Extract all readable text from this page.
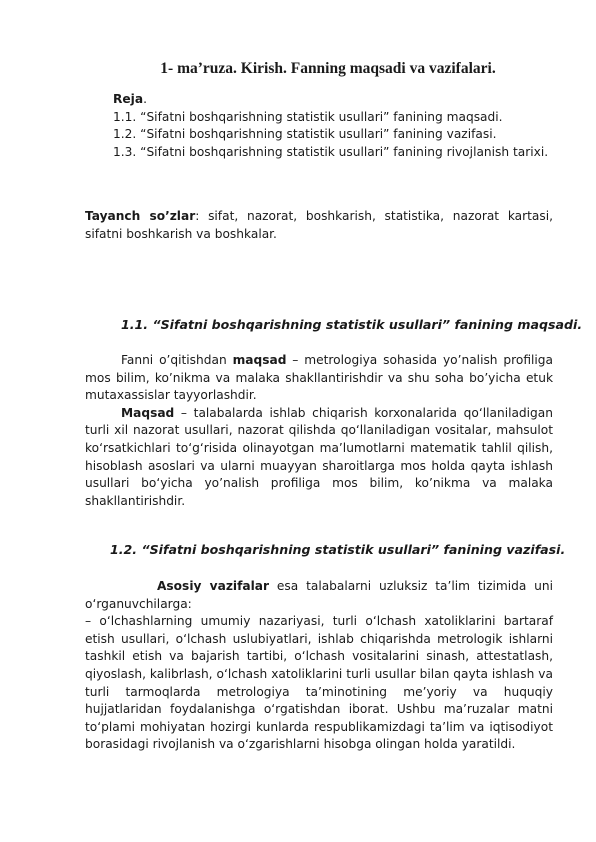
1- ma’ruza. Kirish. Fanning maqsadi va vazifalari.

Reja.

1.1. “Sifatni boshqarishning statistik usullari” fanining maqsadi.

1.2. “Sifatni boshqarishning statistik usullari” fanining vazifasi.

1.3. “Sifatni boshqarishning statistik usullari” fanining rivojlanish tarixi.

Tayanch so’zlar: sifat, nazorat, boshkarish, statistika, nazorat kartasi, sifatni boshkarish va boshkalar.

1.1. “Sifatni boshqarishning statistik usullari” fanining maqsadi.

Fanni o’qitishdan maqsad – metrologiya sohasida yo’nalish profiliga mos bilim, ko’nikma va malaka shakllantirishdir va shu soha bo’yicha etuk mutaxassislar tayyorlashdir.

Maqsad – talabalarda ishlab chiqarish korxonalarida qo‘llaniladigan turli xil nazorat usullari, nazorat qilishda qo‘llaniladigan vositalar, mahsulot ko‘rsatkichlari to‘g‘risida olinayotgan ma’lumotlarni matematik tahlil qilish, hisoblash asoslari va ularni muayyan sharoitlarga mos holda qayta ishlash usullari bo‘yicha yo’nalish profiliga mos bilim, ko’nikma va malaka shakllantirishdir.

1.2. “Sifatni boshqarishning statistik usullari” fanining vazifasi.

Asosiy vazifalar esa talabalarni uzluksiz ta’lim tizimida uni o‘rganuvchilarga:

– o‘lchashlarning umumiy nazariyasi, turli o‘lchash xatoliklarini bartaraf etish usullari, o‘lchash uslubiyatlari, ishlab chiqarishda metrologik ishlarni tashkil etish va bajarish tartibi, o‘lchash vositalarini sinash, attestatlash, qiyoslash, kalibrlash, o‘lchash xatoliklarini turli usullar bilan qayta ishlash va turli tarmoqlarda metrologiya ta’minotining me’yoriy va huquqiy hujjatlaridan foydalanishga o‘rgatishdan iborat. Ushbu ma’ruzalar matni to‘plami mohiyatan hozirgi kunlarda respublikamizdagi ta’lim va iqtisodiyot borasidagi rivojlanish va o‘zgarishlarni hisobga olingan holda yaratildi.
